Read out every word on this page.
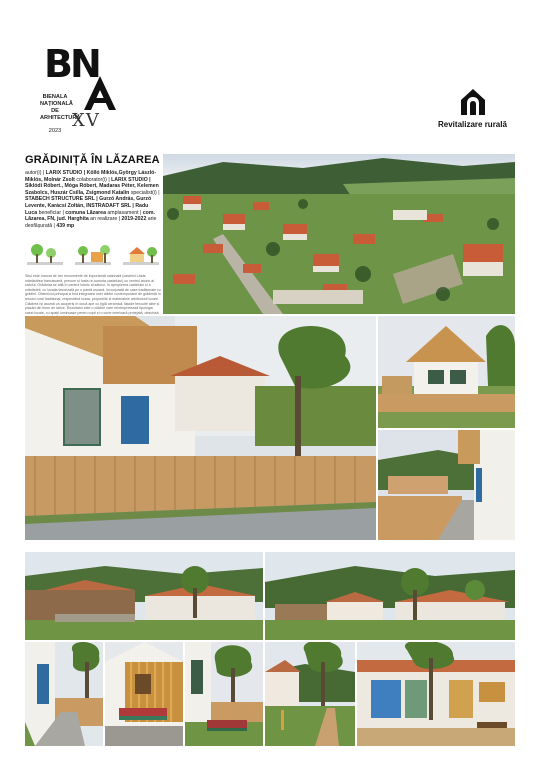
B
N
BIENALA
NAȚIONALĂ
DE
ARHITECTURĂ
XV
2023
Revitalizare rurală
GRĂDINIȚĂ ÎN LĂZAREA
autor(i) | LARIX STUDIO | Kölló Miklós,György László-Miklós, Molnár Zsolt colaborator(i) | LARIX STUDIO | Siklódi Róbert., Móga Róbert, Madaras Péter, Kelemen Szabolcs, Huszár Csilla, Zsigmond Katalin specialist(i) | STABECH STRUCTURE SRL | Gurzó András, Gurzó Levente, Karácsi Zoltán, INSTRADAFT SRL | Radu Luca beneficiar | comuna Lăzarea amplasament | com. Lăzarea, FN, jud. Harghita an realizare | 2019-2022 arie desfășurată | 439 mp
Situl este marcat de trei monumente de importanță națională (castelul Lázár, mănăstirea franciscană, precum și fosta re-numota-castelului) cu centrul istoric al satului. Grădinița se află în centrul istoric al satului, în apropierea castelului și a mănăstirii, cu locația favorizată pe o pantă ușoară, înconjurată de case tradiționale cu grădini. Obiectivul principal a fost integrarea unei clădiri contemporane de grădiniță în țesutul rural tradițional, respectând scara, proporțiile și materialele arhitecturii locale. Clădirea își asumă un acoperiș în două ape cu țiglă ceramică, fațade tencuite albe și placări din lemn de larice. Rezultatul este o clădire care reinterpretează tipologia casei locale, cu spații luminoase pentru copii și o curte interioară protejată, deschisă
